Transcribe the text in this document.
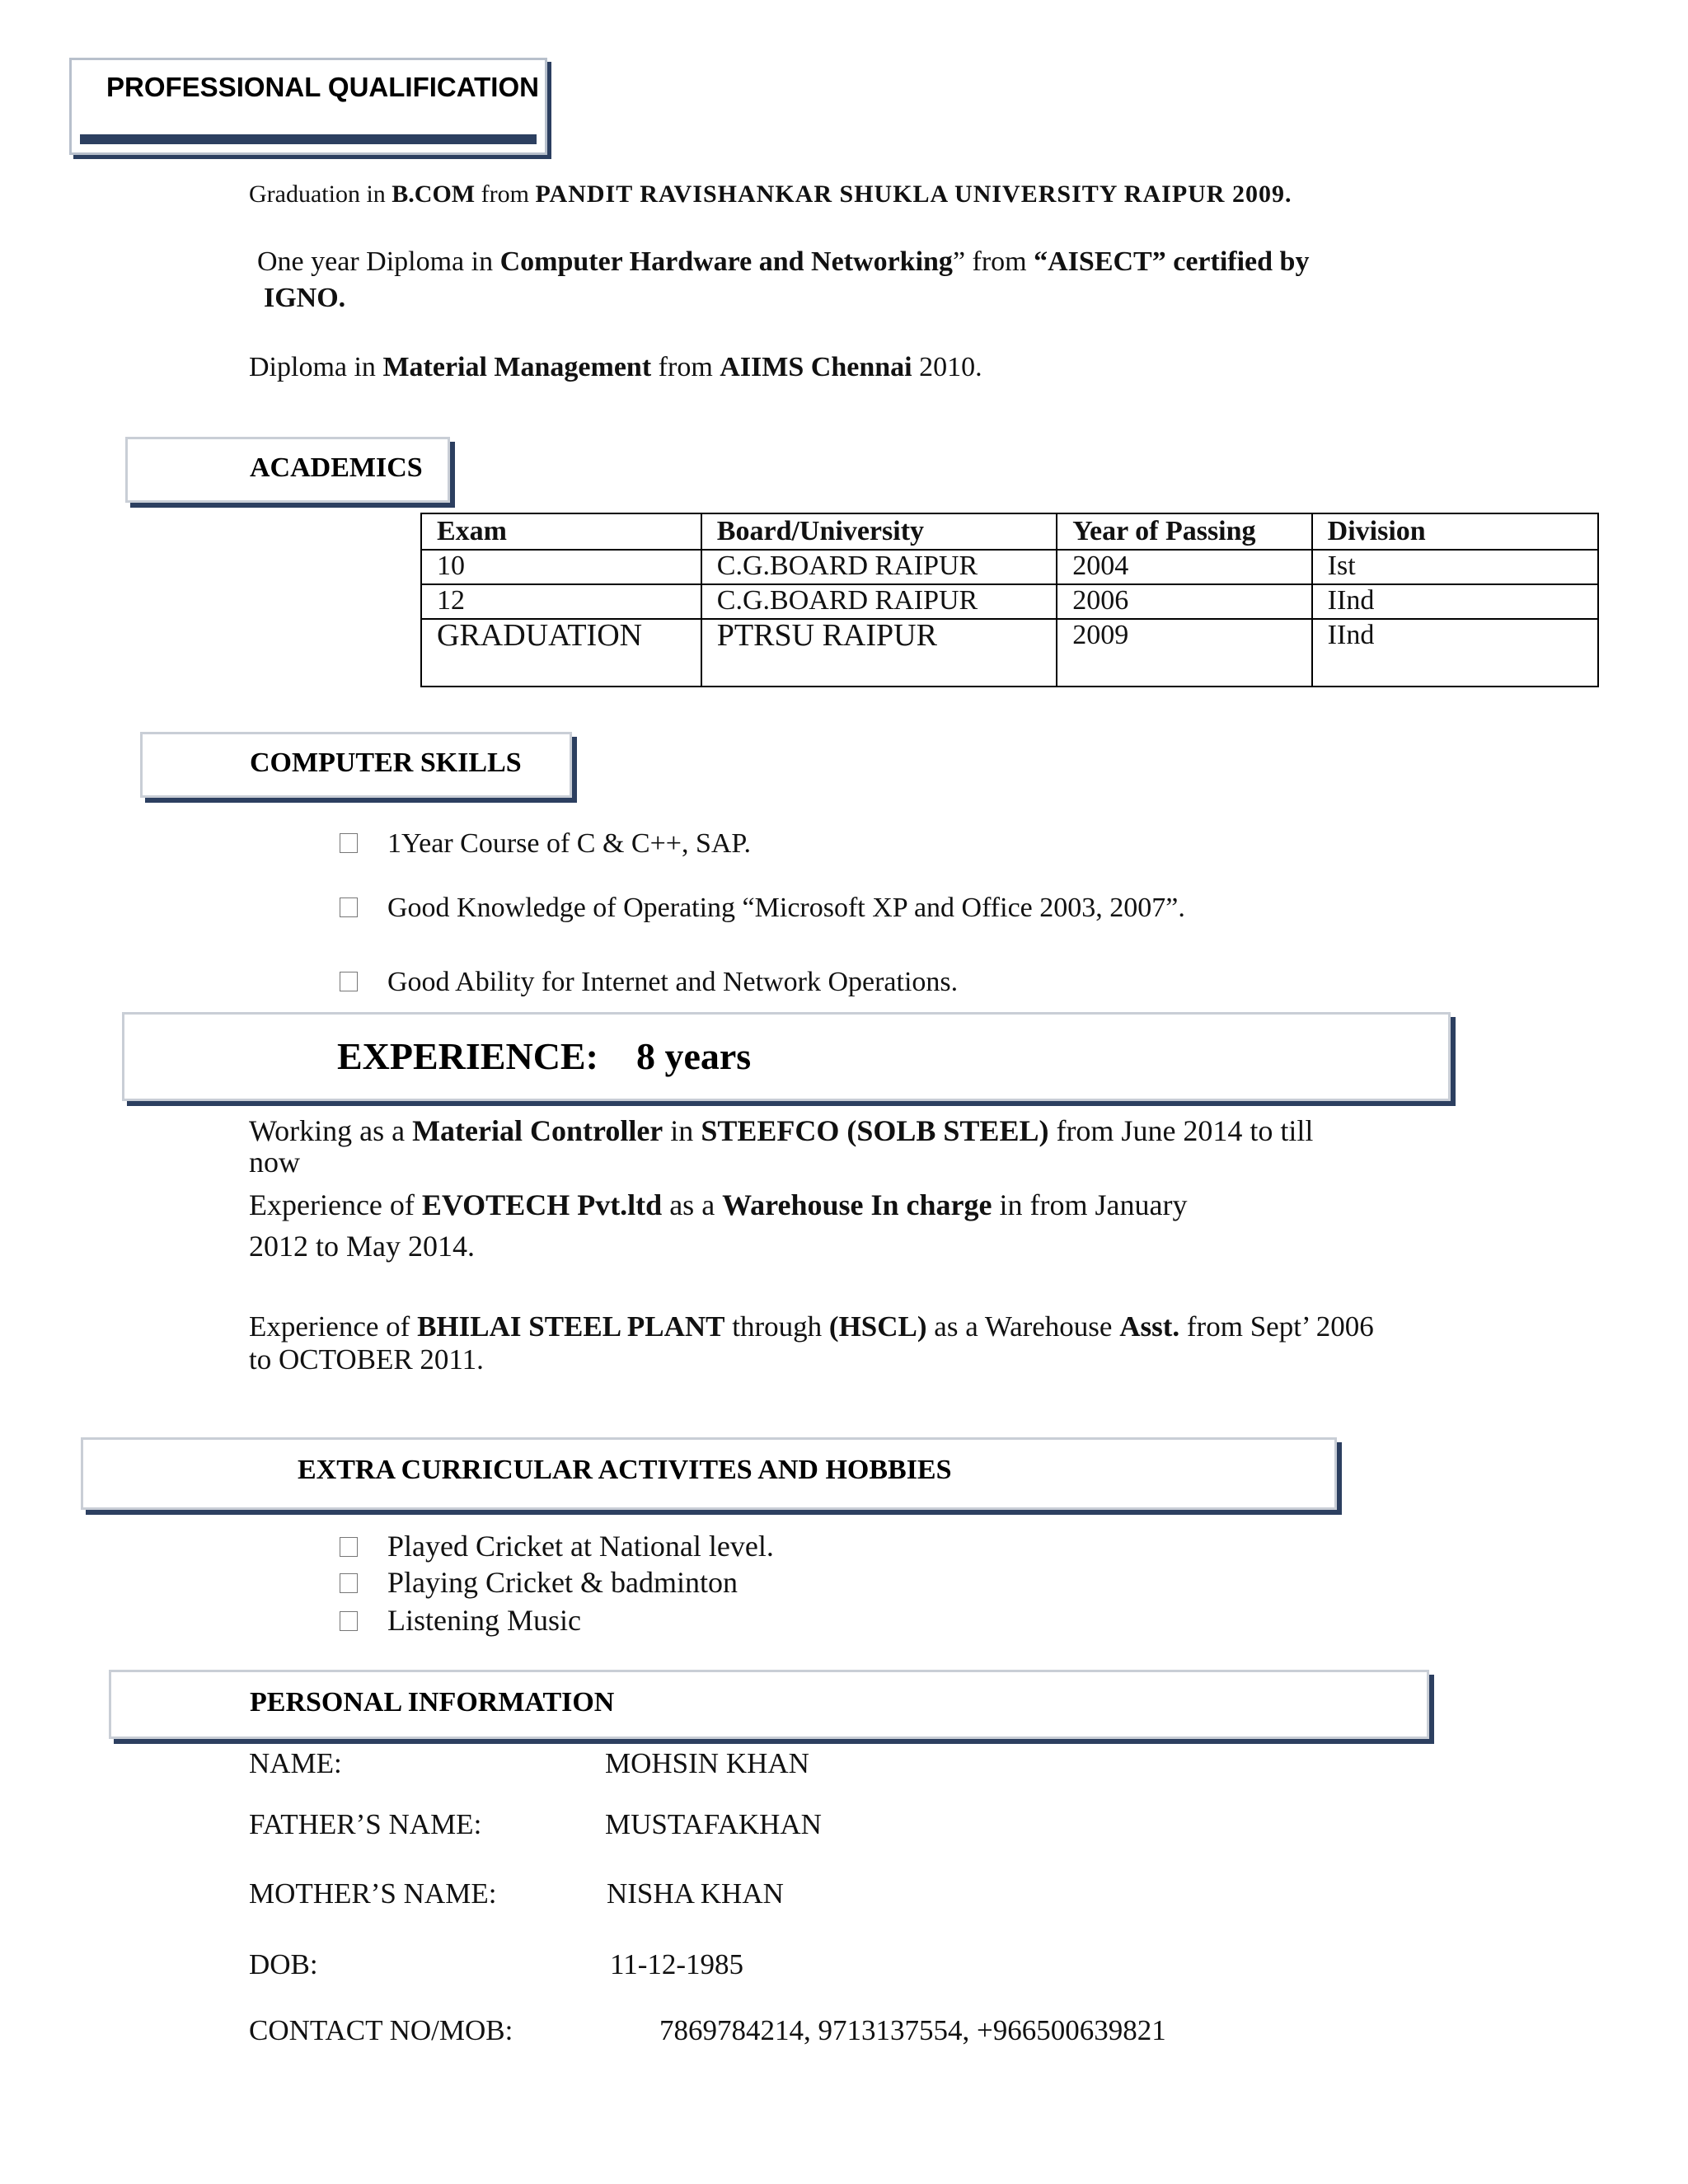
PROFESSIONAL QUALIFICATION
Graduation in B.COM from PANDIT RAVISHANKAR SHUKLA UNIVERSITY RAIPUR 2009.
One year Diploma in Computer Hardware and Networking” from “AISECT” certified by
IGNO.
Diploma in Material Management from AIIMS Chennai 2010.
ACADEMICS
Exam	Board/University	Year of Passing	Division
10	C.G.BOARD RAIPUR	2004	Ist
12	C.G.BOARD RAIPUR	2006	IInd
GRADUATION	PTRSU RAIPUR	2009	IInd
COMPUTER SKILLS
1Year Course of C & C++, SAP.
Good Knowledge of Operating “Microsoft XP and Office 2003, 2007”.
Good Ability for Internet and Network Operations.
EXPERIENCE: 8 years
Working as a Material Controller in STEEFCO (SOLB STEEL) from June 2014 to till
now
Experience of EVOTECH Pvt.ltd as a Warehouse In charge in from January
2012 to May 2014.
Experience of BHILAI STEEL PLANT through (HSCL) as a Warehouse Asst. from Sept’ 2006
to OCTOBER 2011.
EXTRA CURRICULAR ACTIVITES AND HOBBIES
Played Cricket at National level.
Playing Cricket & badminton
Listening Music
PERSONAL INFORMATION
NAME:	MOHSIN KHAN
FATHER’S NAME:	MUSTAFAKHAN
MOTHER’S NAME:	NISHA KHAN
DOB:	11-12-1985
CONTACT NO/MOB:	7869784214, 9713137554, +966500639821
